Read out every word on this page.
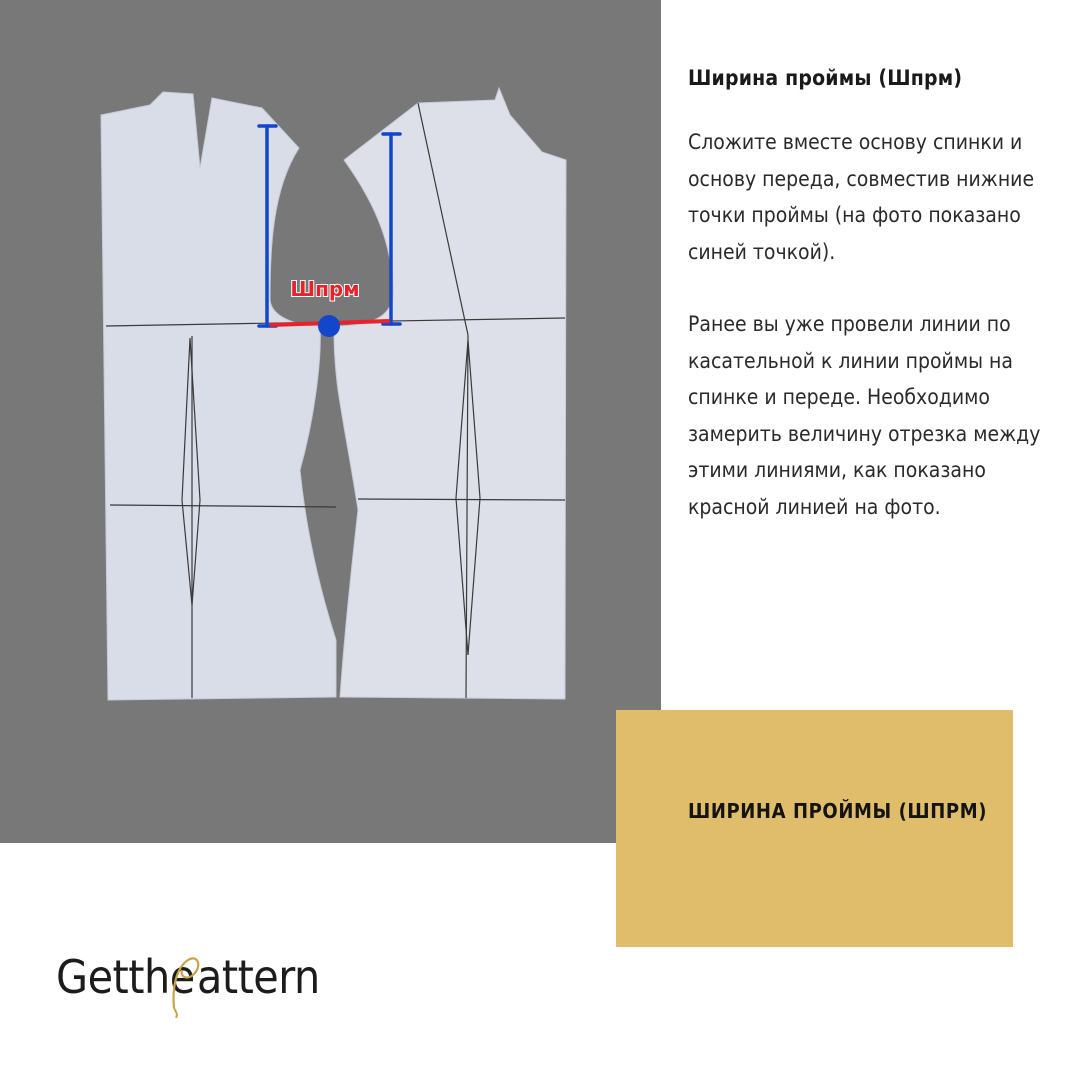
Шпрм
Ширина проймы (Шпрм)

Сложите вместе основу спинки и основу переда, совместив нижние точки проймы (на фото показано синей точкой).

Ранее вы уже провели линии по касательной к линии проймы на спинке и переде. Необходимо замерить величину отрезка между этими линиями, как показано красной линией на фото.

ШИРИНА ПРОЙМЫ (ШПРМ)
Getthe attern
